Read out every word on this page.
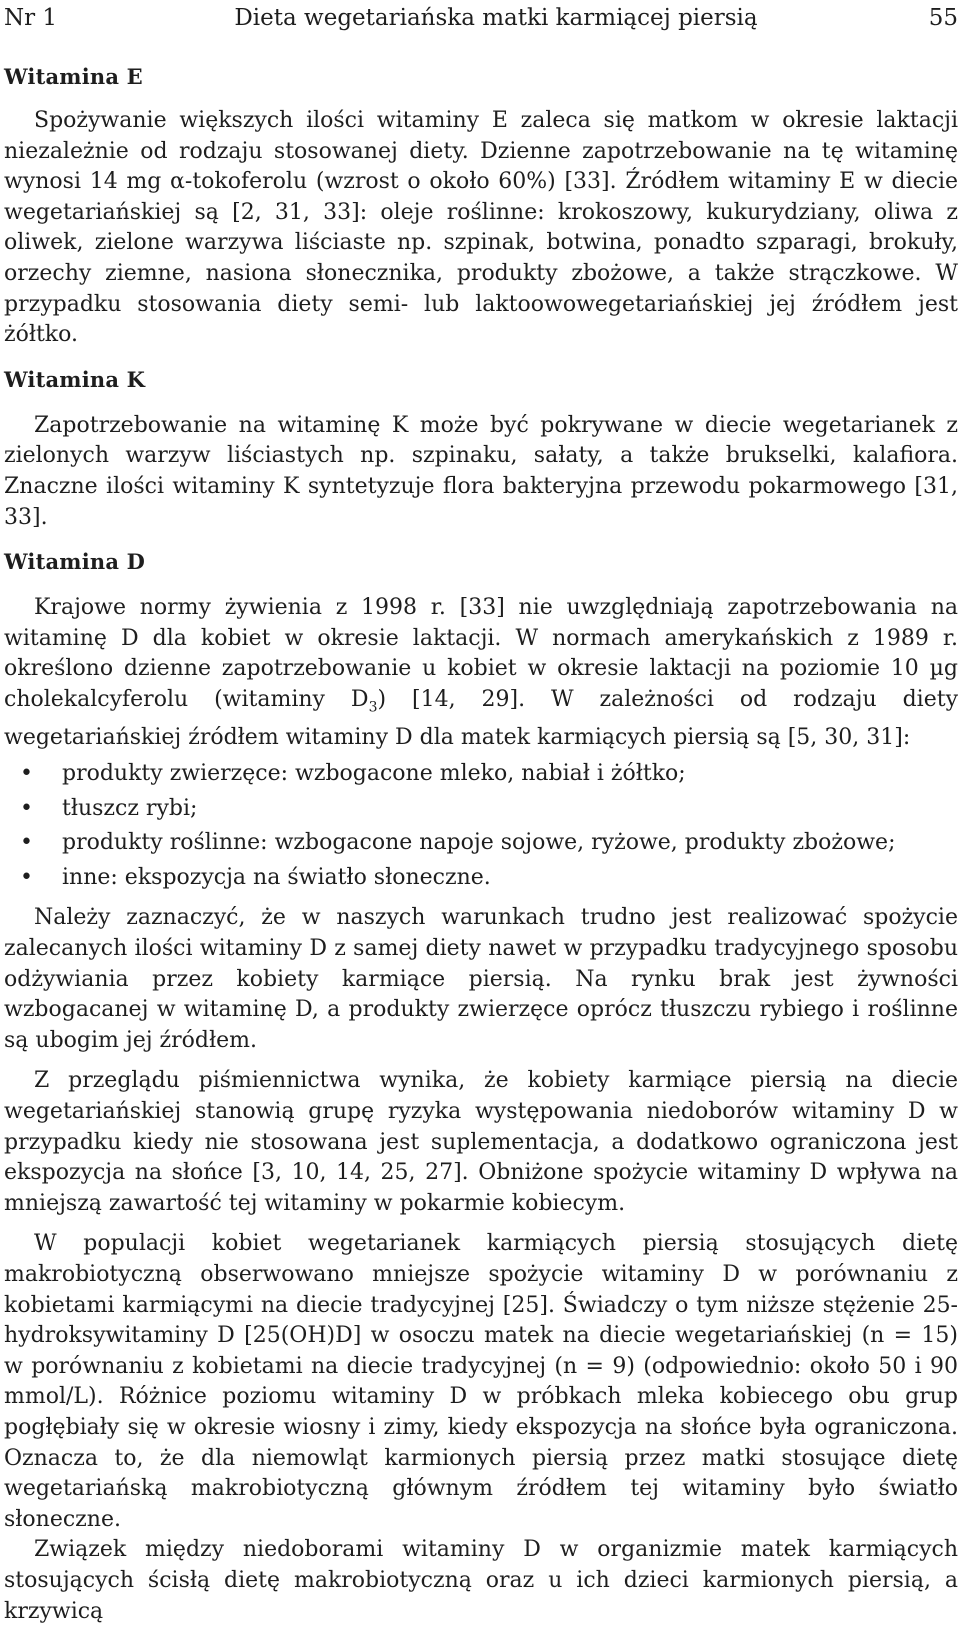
Nr 1	Dieta wegetariańska matki karmiącej piersią	55
Witamina E

Spożywanie większych ilości witaminy E zaleca się matkom w okresie laktacji niezależnie od rodzaju stosowanej diety. Dzienne zapotrzebowanie na tę witaminę wynosi 14 mg α-tokoferolu (wzrost o około 60%) [33]. Źródłem witaminy E w diecie wegetariańskiej są [2, 31, 33]: oleje roślinne: krokoszowy, kukurydziany, oliwa z oliwek, zielone warzywa liściaste np. szpinak, botwina, ponadto szparagi, brokuły, orzechy ziemne, nasiona słonecznika, produkty zbożowe, a także strączkowe. W przypadku stosowania diety semi- lub laktoowowegetariańskiej jej źródłem jest żółtko.

Witamina K

Zapotrzebowanie na witaminę K może być pokrywane w diecie wegetarianek z zielonych warzyw liściastych np. szpinaku, sałaty, a także brukselki, kalafiora. Znaczne ilości witaminy K syntetyzuje flora bakteryjna przewodu pokarmowego [31, 33].

Witamina D

Krajowe normy żywienia z 1998 r. [33] nie uwzględniają zapotrzebowania na witaminę D dla kobiet w okresie laktacji. W normach amerykańskich z 1989 r. określono dzienne zapotrzebowanie u kobiet w okresie laktacji na poziomie 10 µg cholekalcyferolu (witaminy $D_3$) [14, 29]. W zależności od rodzaju diety wegetariańskiej źródłem witaminy D dla matek karmiących piersią są [5, 30, 31]:

• produkty zwierzęce: wzbogacone mleko, nabiał i żółtko;
• tłuszcz rybi;
• produkty roślinne: wzbogacone napoje sojowe, ryżowe, produkty zbożowe;
• inne: ekspozycja na światło słoneczne.

Należy zaznaczyć, że w naszych warunkach trudno jest realizować spożycie zalecanych ilości witaminy D z samej diety nawet w przypadku tradycyjnego sposobu odżywiania przez kobiety karmiące piersią. Na rynku brak jest żywności wzbogacanej w witaminę D, a produkty zwierzęce oprócz tłuszczu rybiego i roślinne są ubogim jej źródłem.

Z przeglądu piśmiennictwa wynika, że kobiety karmiące piersią na diecie wegetariańskiej stanowią grupę ryzyka występowania niedoborów witaminy D w przypadku kiedy nie stosowana jest suplementacja, a dodatkowo ograniczona jest ekspozycja na słońce [3, 10, 14, 25, 27]. Obniżone spożycie witaminy D wpływa na mniejszą zawartość tej witaminy w pokarmie kobiecym.

W populacji kobiet wegetarianek karmiących piersią stosujących dietę makrobiotyczną obserwowano mniejsze spożycie witaminy D w porównaniu z kobietami karmiącymi na diecie tradycyjnej [25]. Świadczy o tym niższe stężenie 25-hydroksywitaminy D [25(OH)D] w osoczu matek na diecie wegetariańskiej (n = 15) w porównaniu z kobietami na diecie tradycyjnej (n = 9) (odpowiednio: około 50 i 90 mmol/L). Różnice poziomu witaminy D w próbkach mleka kobiecego obu grup pogłębiały się w okresie wiosny i zimy, kiedy ekspozycja na słońce była ograniczona. Oznacza to, że dla niemowląt karmionych piersią przez matki stosujące dietę wegetariańską makrobiotyczną głównym źródłem tej witaminy było światło słoneczne.

Związek między niedoborami witaminy D w organizmie matek karmiących stosujących ścisłą dietę makrobiotyczną oraz u ich dzieci karmionych piersią, a krzywicą
